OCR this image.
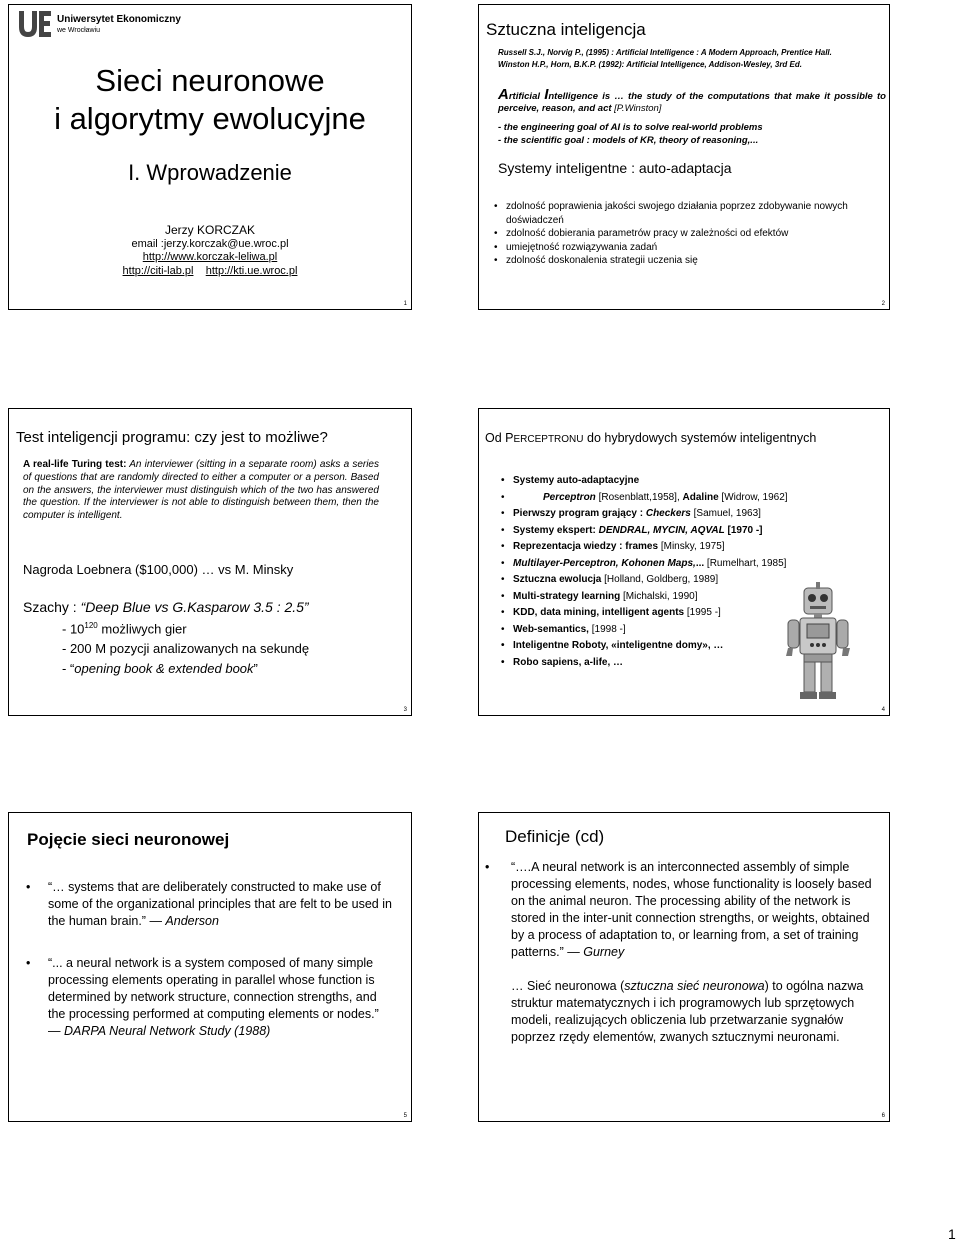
Uniwersytet Ekonomiczny
we Wrocławiu
Sieci neuronowe
i algorytmy ewolucyjne
I. Wprowadzenie
Jerzy KORCZAK
email :jerzy.korczak@ue.wroc.pl
http://www.korczak-leliwa.pl
http://citi-lab.pl http://kti.ue.wroc.pl
1
Sztuczna inteligencja
Russell S.J., Norvig P., (1995) : Artificial Intelligence : A Modern Approach, Prentice Hall.
Winston H.P., Horn, B.K.P. (1992): Artificial Intelligence, Addison-Wesley, 3rd Ed.
Artificial Intelligence is … the study of the computations that make it possible to perceive, reason, and act [P.Winston]
- the engineering goal of AI is to solve real-world problems
- the scientific goal : models of KR, theory of reasoning,...
Systemy inteligentne : auto-adaptacja
• zdolność poprawienia jakości swojego działania poprzez zdobywanie nowych doświadczeń
• zdolność dobierania parametrów pracy w zależności od efektów
• umiejętność rozwiązywania zadań
• zdolność doskonalenia strategii uczenia się
2
Test inteligencji programu: czy jest to możliwe?
A real-life Turing test: An interviewer (sitting in a separate room) asks a series of questions that are randomly directed to either a computer or a person. Based on the answers, the interviewer must distinguish which of the two has answered the question. If the interviewer is not able to distinguish between them, then the computer is intelligent.
Nagroda Loebnera ($100,000) … vs M. Minsky
Szachy : “Deep Blue vs G.Kasparow 3.5 : 2.5”
- $10^{120}$ możliwych gier
- 200 M pozycji analizowanych na sekundę
- “opening book & extended book”
3
Od PERCEPTRONU do hybrydowych systemów inteligentnych
• Systemy auto-adaptacyjne
• Perceptron [Rosenblatt,1958], Adaline [Widrow, 1962]
• Pierwszy program grający : Checkers [Samuel, 1963]
• Systemy ekspert: DENDRAL, MYCIN, AQVAL [1970 -]
• Reprezentacja wiedzy : frames [Minsky, 1975]
• Multilayer-Perceptron, Kohonen Maps,... [Rumelhart, 1985]
• Sztuczna ewolucja [Holland, Goldberg, 1989]
• Multi-strategy learning [Michalski, 1990]
• KDD, data mining, intelligent agents [1995 -]
• Web-semantics, [1998 -]
• Inteligentne Roboty, «inteligentne domy», …
• Robo sapiens, a-life, …
4
Pojęcie sieci neuronowej
• “… systems that are deliberately constructed to make use of some of the organizational principles that are felt to be used in the human brain.” — Anderson
• “... a neural network is a system composed of many simple processing elements operating in parallel whose function is determined by network structure, connection strengths, and the processing performed at computing elements or nodes.” — DARPA Neural Network Study (1988)
5
Definicje (cd)
• “….A neural network is an interconnected assembly of simple processing elements, nodes, whose functionality is loosely based on the animal neuron. The processing ability of the network is stored in the inter-unit connection strengths, or weights, obtained by a process of adaptation to, or learning from, a set of training patterns.” — Gurney
… Sieć neuronowa (sztuczna sieć neuronowa) to ogólna nazwa struktur matematycznych i ich programowych lub sprzętowych modeli, realizujących obliczenia lub przetwarzanie sygnałów poprzez rzędy elementów, zwanych sztucznymi neuronami.
6
1
